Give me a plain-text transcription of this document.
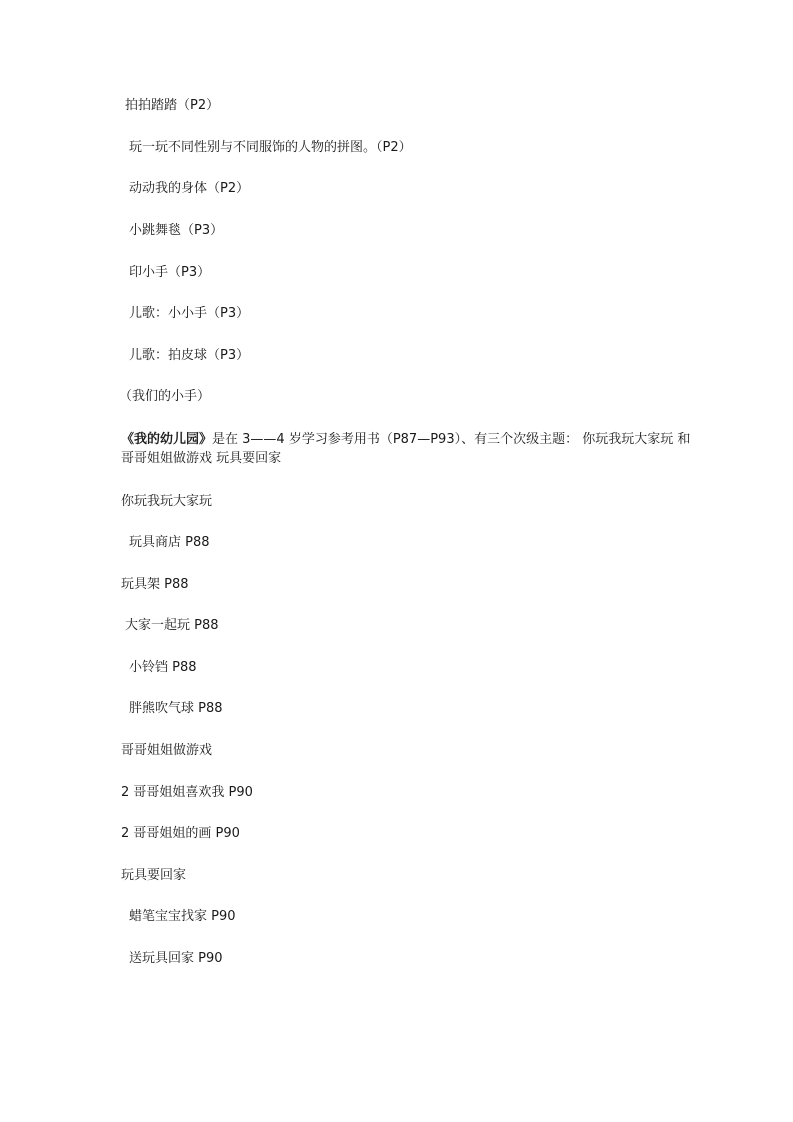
拍拍踏踏（P2）
玩一玩不同性别与不同服饰的人物的拼图。（P2）
动动我的身体（P2）
小跳舞毯（P3）
印小手（P3）
儿歌：小小手（P3）
儿歌：拍皮球（P3）
（我们的小手）
《我的幼儿园》是在 3——4 岁学习参考用书（P87—P93）、有三个次级主题： 你玩我玩大家玩 和哥哥姐姐做游戏 玩具要回家
你玩我玩大家玩
玩具商店 P88
玩具架 P88
大家一起玩 P88
小铃铛 P88
胖熊吹气球 P88
哥哥姐姐做游戏
2 哥哥姐姐喜欢我 P90
2 哥哥姐姐的画 P90
玩具要回家
蜡笔宝宝找家 P90
送玩具回家 P90
